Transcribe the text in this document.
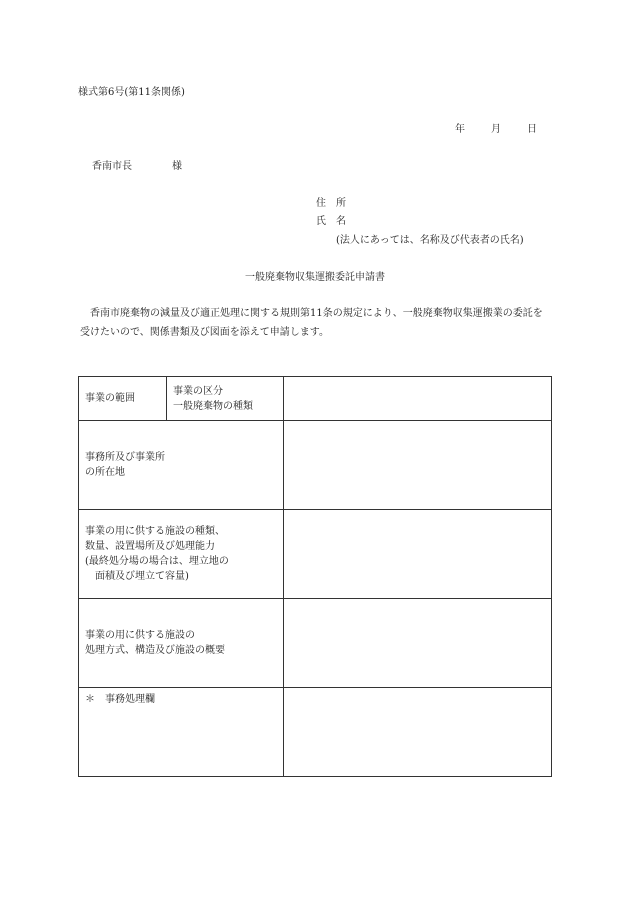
様式第6号(第11条関係)
年	月	日
香南市長　　　　様
住　所
氏　名
(法人にあっては、名称及び代表者の氏名)
一般廃棄物収集運搬委託申請書
香南市廃棄物の減量及び適正処理に関する規則第11条の規定により、一般廃棄物収集運搬業の委託を受けたいので、関係書類及び図面を添えて申請します。
事業の範囲	事業の区分
一般廃棄物の種類	

事務所及び事業所
の所在地		

事業の用に供する施設の種類、
数量、設置場所及び処理能力
(最終処分場の場合は、埋立地の
　面積及び埋立て容量)		

事業の用に供する施設の
処理方式、構造及び施設の概要		

＊　事務処理欄		
